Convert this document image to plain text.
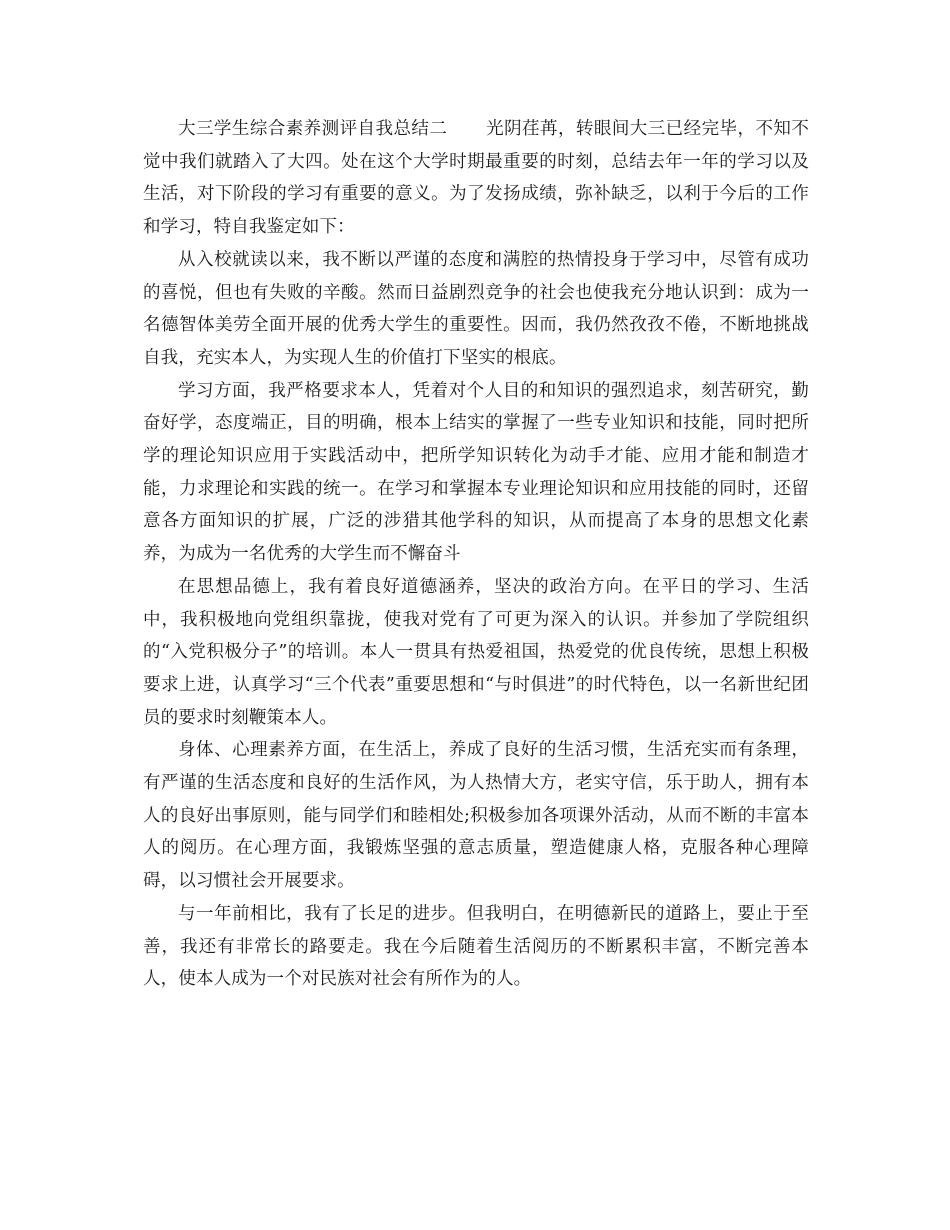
大三学生综合素养测评自我总结二 光阴荏苒，转眼间大三已经完毕，不知不觉中我们就踏入了大四。处在这个大学时期最重要的时刻，总结去年一年的学习以及生活，对下阶段的学习有重要的意义。为了发扬成绩，弥补缺乏，以利于今后的工作和学习，特自我鉴定如下：

从入校就读以来，我不断以严谨的态度和满腔的热情投身于学习中，尽管有成功的喜悦，但也有失败的辛酸。然而日益剧烈竞争的社会也使我充分地认识到：成为一名德智体美劳全面开展的优秀大学生的重要性。因而，我仍然孜孜不倦，不断地挑战自我，充实本人，为实现人生的价值打下坚实的根底。

学习方面，我严格要求本人，凭着对个人目的和知识的强烈追求，刻苦研究，勤奋好学，态度端正，目的明确，根本上结实的掌握了一些专业知识和技能，同时把所学的理论知识应用于实践活动中，把所学知识转化为动手才能、应用才能和制造才能，力求理论和实践的统一。在学习和掌握本专业理论知识和应用技能的同时，还留意各方面知识的扩展，广泛的涉猎其他学科的知识，从而提高了本身的思想文化素养，为成为一名优秀的大学生而不懈奋斗

在思想品德上，我有着良好道德涵养，坚决的政治方向。在平日的学习、生活中，我积极地向党组织靠拢，使我对党有了可更为深入的认识。并参加了学院组织的“入党积极分子”的培训。本人一贯具有热爱祖国，热爱党的优良传统，思想上积极要求上进，认真学习“三个代表”重要思想和“与时俱进”的时代特色，以一名新世纪团员的要求时刻鞭策本人。

身体、心理素养方面，在生活上，养成了良好的生活习惯，生活充实而有条理，有严谨的生活态度和良好的生活作风，为人热情大方，老实守信，乐于助人，拥有本人的良好出事原则，能与同学们和睦相处;积极参加各项课外活动，从而不断的丰富本人的阅历。在心理方面，我锻炼坚强的意志质量，塑造健康人格，克服各种心理障碍，以习惯社会开展要求。

与一年前相比，我有了长足的进步。但我明白，在明德新民的道路上，要止于至善，我还有非常长的路要走。我在今后随着生活阅历的不断累积丰富，不断完善本人，使本人成为一个对民族对社会有所作为的人。
